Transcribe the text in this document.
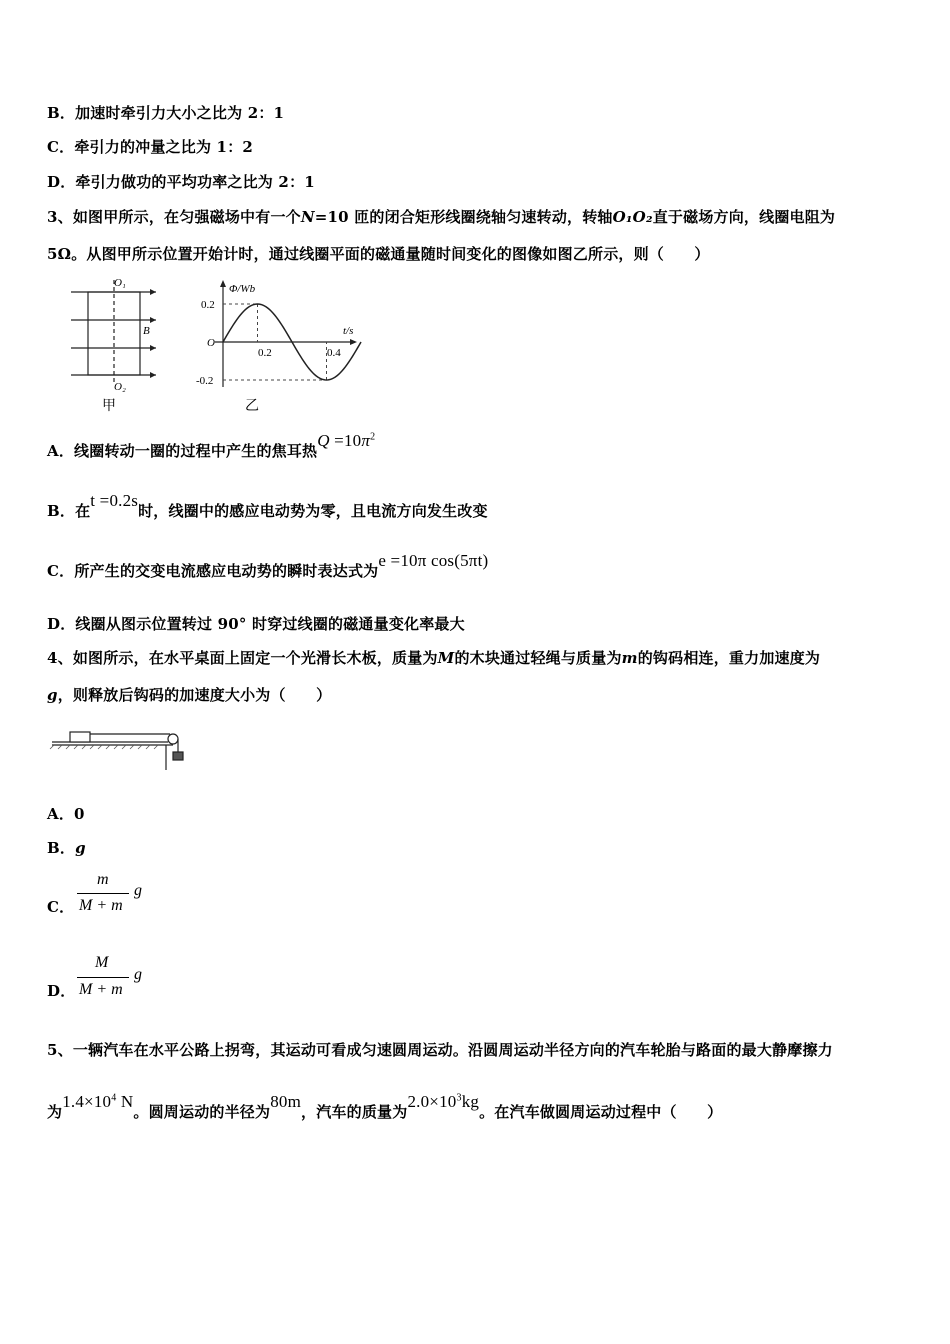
B．加速时牵引力大小之比为 2：1
C．牵引力的冲量之比为 1：2
D．牵引力做功的平均功率之比为 2：1
3、如图甲所示，在匀强磁场中有一个N=10 匝的闭合矩形线圈绕轴匀速转动，转轴O₁O₂直于磁场方向，线圈电阻为
5Ω。从图甲所示位置开始计时，通过线圈平面的磁通量随时间变化的图像如图乙所示，则（　　）
O₁
O₂
B
甲
Φ/Wb
t/s
O
0.2
-0.2
0.2	0.4
乙
A．线圈转动一圈的过程中产生的焦耳热$Q =10\pi^2$
B．在t =0.2s时，线圈中的感应电动势为零，且电流方向发生改变
C．所产生的交变电流感应电动势的瞬时表达式为e =10π cos(5πt)
D．线圈从图示位置转过 90° 时穿过线圈的磁通量变化率最大
4、如图所示，在水平桌面上固定一个光滑长木板，质量为M的木块通过轻绳与质量为m的钩码相连，重力加速度为
g，则释放后钩码的加速度大小为（　　）
A．0
B．g
C．
m
M + m
g
D．
M
M + m
g
5、一辆汽车在水平公路上拐弯，其运动可看成匀速圆周运动。沿圆周运动半径方向的汽车轮胎与路面的最大静摩擦力
为$1.4\times 10^4$ N。圆周运动的半径为80m，汽车的质量为$2.0\times 10^3kg$。在汽车做圆周运动过程中（　　）
